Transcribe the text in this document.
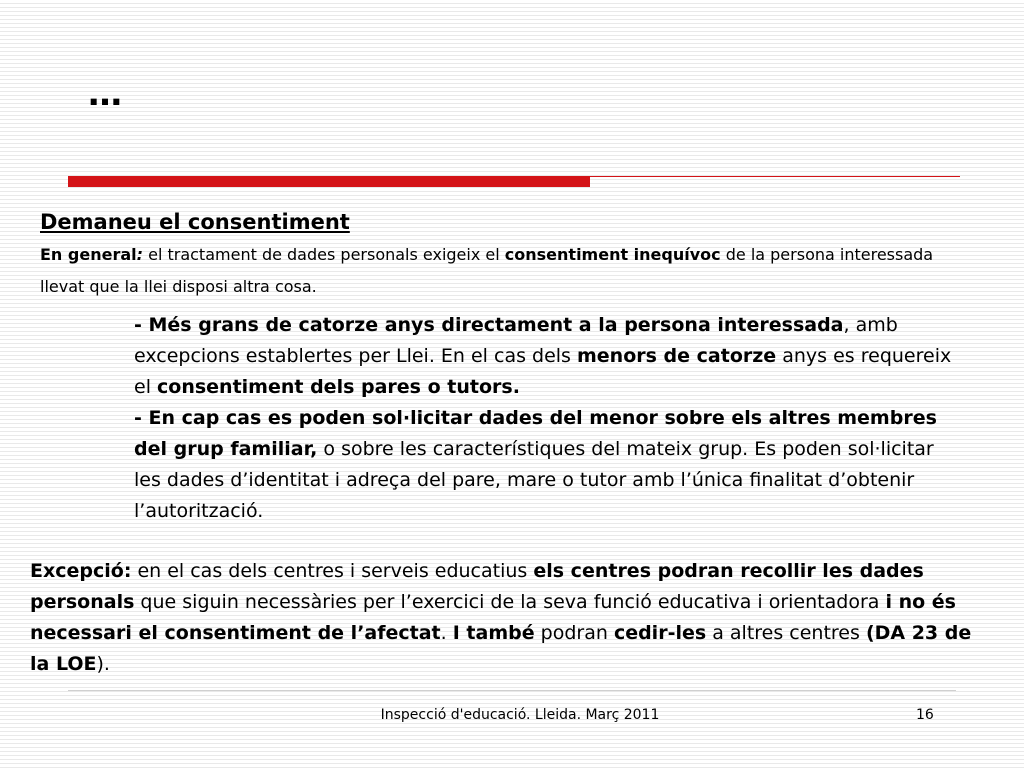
…

Demaneu el consentiment

En general: el tractament de dades personals exigeix el consentiment inequívoc de la persona interessada llevat que la llei disposi altra cosa.

- Més grans de catorze anys directament a la persona interessada, amb excepcions establertes per Llei. En el cas dels menors de catorze anys es requereix el consentiment dels pares o tutors.

- En cap cas es poden sol·licitar dades del menor sobre els altres membres del grup familiar, o sobre les característiques del mateix grup. Es poden sol·licitar les dades d’identitat i adreça del pare, mare o tutor amb l’única finalitat d’obtenir l’autorització.

Excepció: en el cas dels centres i serveis educatius els centres podran recollir les dades personals que siguin necessàries per l’exercici de la seva funció educativa i orientadora i no és necessari el consentiment de l’afectat. I també podran cedir-les a altres centres (DA 23 de la LOE).

Inspecció d'educació. Lleida. Març 2011	16
